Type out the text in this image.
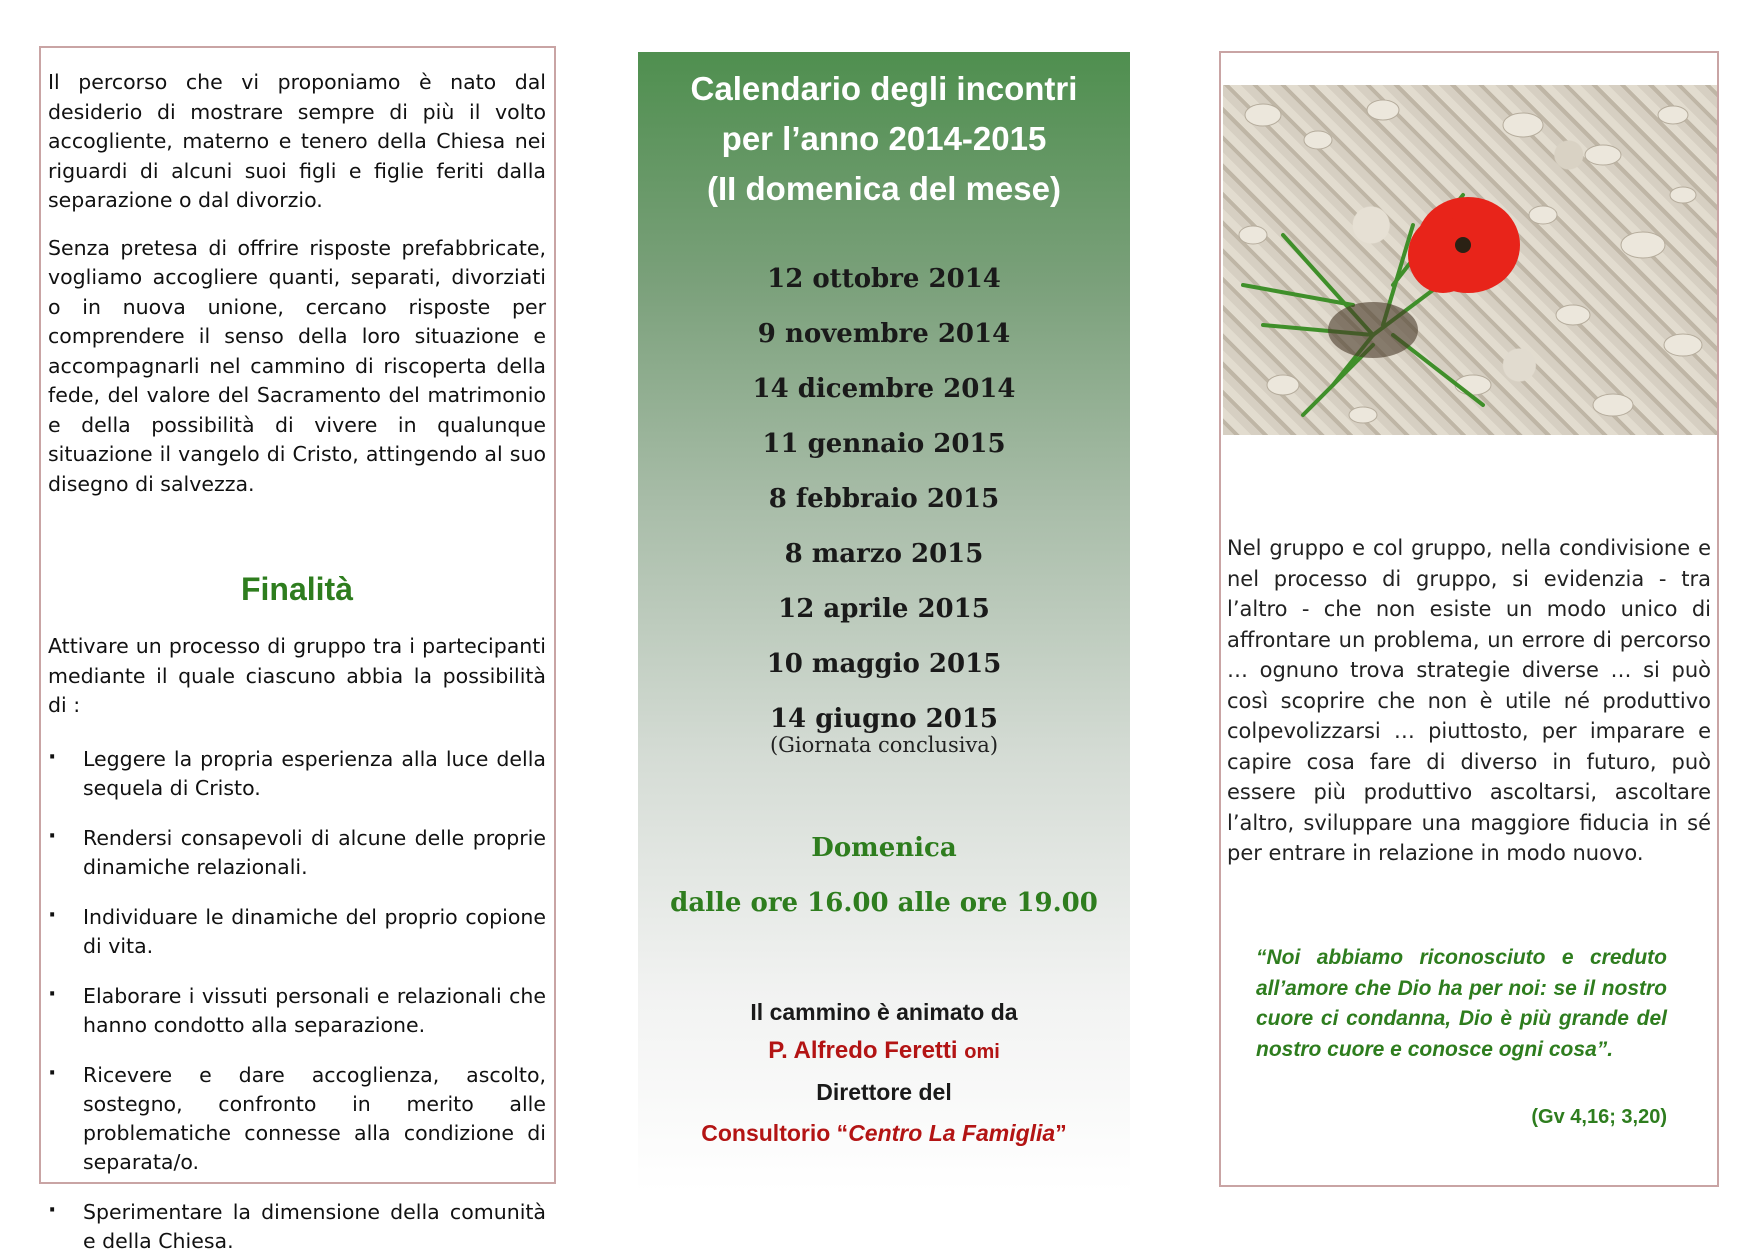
Il percorso che vi proponiamo è nato dal desiderio di mostrare sempre di più il volto accogliente, materno e tenero della Chiesa nei riguardi di alcuni suoi figli e figlie feriti dalla separazione o dal divorzio.

Senza pretesa di offrire risposte prefabbricate, vogliamo accogliere quanti, separati, divorziati o in nuova unione, cercano risposte per comprendere il senso della loro situazione e accompagnarli nel cammino di riscoperta della fede, del valore del Sacramento del matrimonio e della possibilità di vivere in qualunque situazione il vangelo di Cristo, attingendo al suo disegno di salvezza.

Finalità

Attivare un processo di gruppo tra i partecipanti mediante il quale ciascuno abbia la possibilità di :

· Leggere la propria esperienza alla luce della sequela di Cristo.
· Rendersi consapevoli di alcune delle proprie dinamiche relazionali.
· Individuare le dinamiche del proprio copione di vita.
· Elaborare i vissuti personali e relazionali che hanno condotto alla separazione.
· Ricevere e dare accoglienza, ascolto, sostegno, confronto in merito alle problematiche connesse alla condizione di separata/o.
· Sperimentare la dimensione della comunità e della Chiesa.
Calendario degli incontri
per l’anno 2014-2015
(II domenica del mese)
12 ottobre 2014
9 novembre 2014
14 dicembre 2014
11 gennaio 2015
8 febbraio 2015
8 marzo 2015
12 aprile 2015
10 maggio 2015
14 giugno 2015
(Giornata conclusiva)
Domenica
dalle ore 16.00 alle ore 19.00
Il cammino è animato da
P. Alfredo Feretti omi
Direttore del
Consultorio “Centro La Famiglia”
Nel gruppo e col gruppo, nella condivisione e nel processo di gruppo, si evidenzia - tra l’altro - che non esiste un modo unico di affrontare un problema, un errore di percorso … ognuno trova strategie diverse … si può così scoprire che non è utile né produttivo colpevolizzarsi … piuttosto, per imparare e capire cosa fare di diverso in futuro, può essere più produttivo ascoltarsi, ascoltare l’altro, sviluppare una maggiore fiducia in sé per entrare in relazione in modo nuovo.
“Noi abbiamo riconosciuto e creduto all’amore che Dio ha per noi: se il nostro cuore ci condanna, Dio è più grande del nostro cuore e conosce ogni cosa”.
(Gv 4,16; 3,20)
